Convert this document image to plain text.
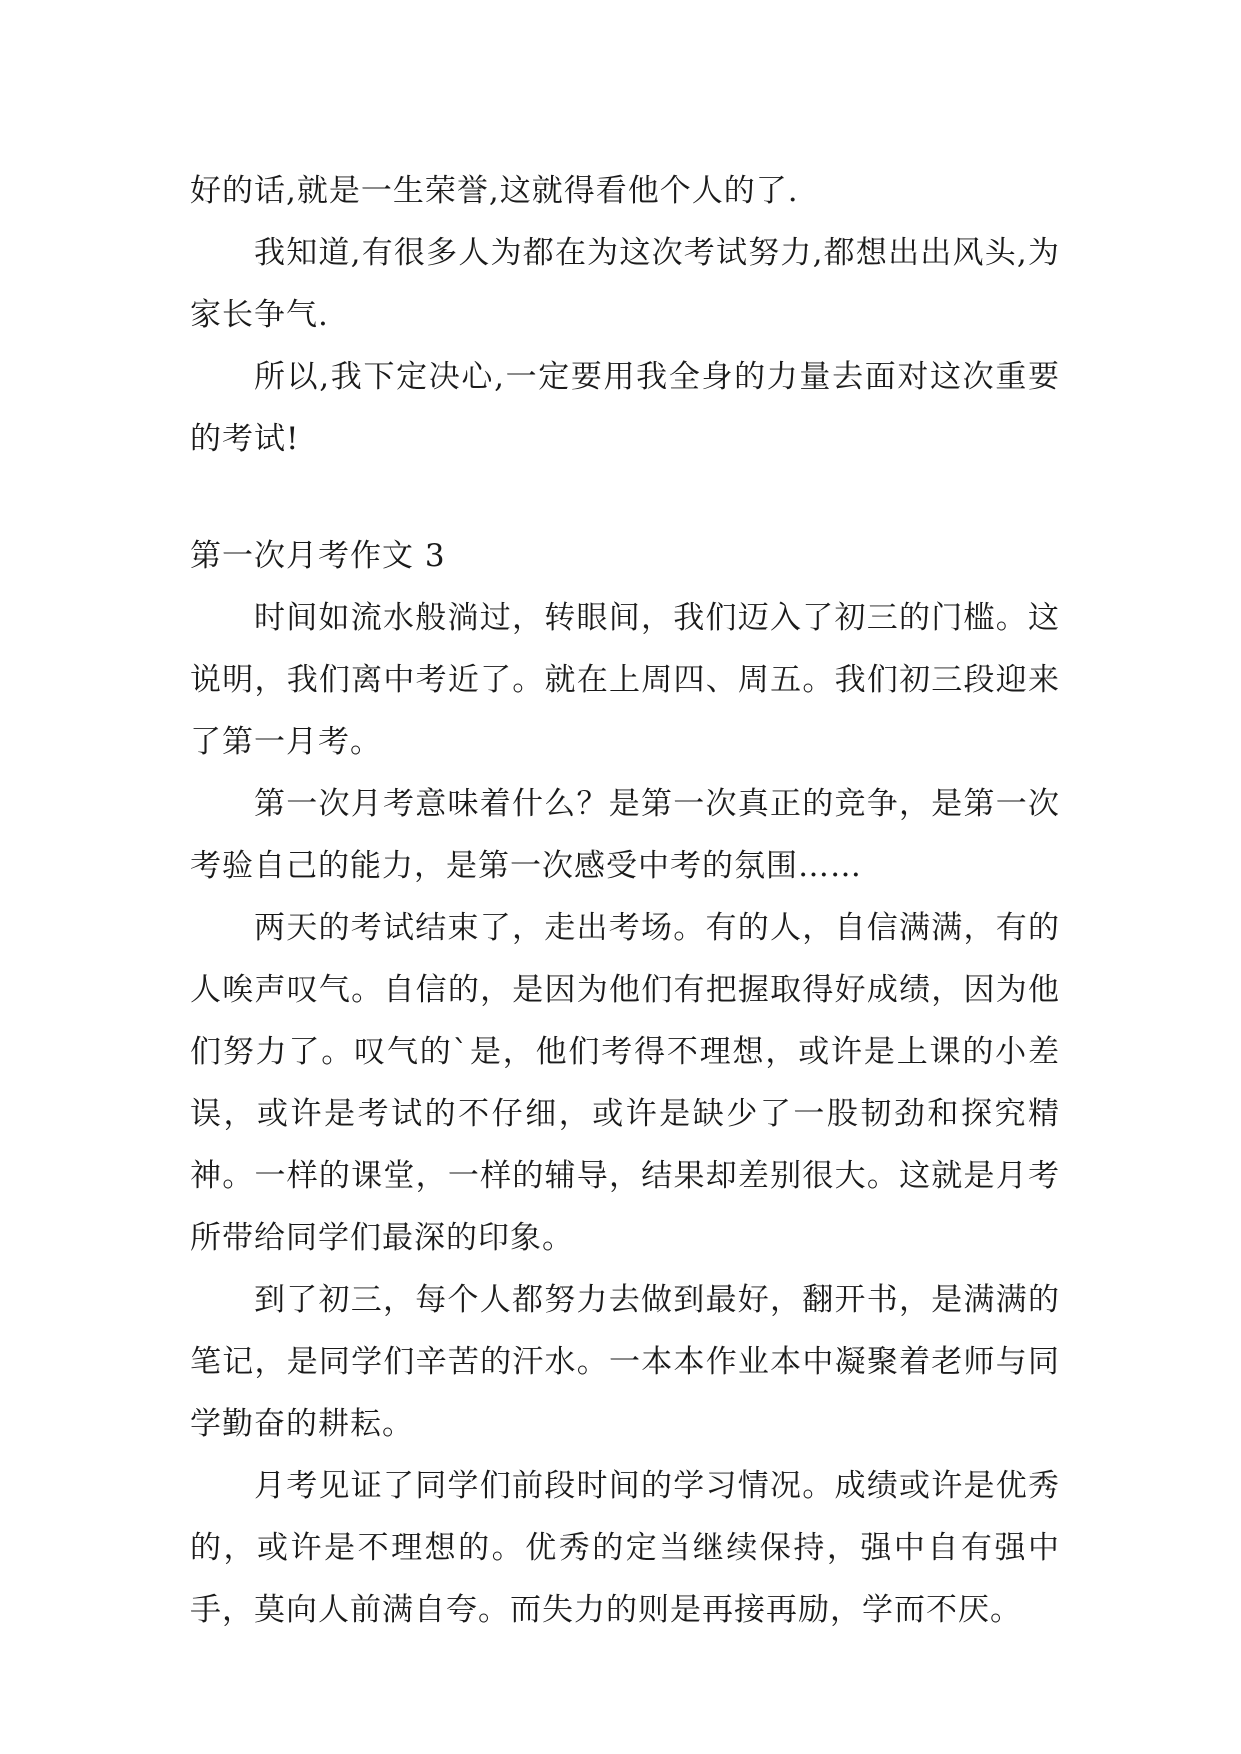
好的话,就是一生荣誉,这就得看他个人的了.

我知道,有很多人为都在为这次考试努力,都想出出风头,为家长争气.

所以,我下定决心,一定要用我全身的力量去面对这次重要的考试!

第一次月考作文 3

时间如流水般淌过，转眼间，我们迈入了初三的门槛。这说明，我们离中考近了。就在上周四、周五。我们初三段迎来了第一月考。

第一次月考意味着什么？是第一次真正的竞争，是第一次考验自己的能力，是第一次感受中考的氛围……

两天的考试结束了，走出考场。有的人，自信满满，有的人唉声叹气。自信的，是因为他们有把握取得好成绩，因为他们努力了。叹气的`是，他们考得不理想，或许是上课的小差误，或许是考试的不仔细，或许是缺少了一股韧劲和探究精神。一样的课堂，一样的辅导，结果却差别很大。这就是月考所带给同学们最深的印象。

到了初三，每个人都努力去做到最好，翻开书，是满满的笔记，是同学们辛苦的汗水。一本本作业本中凝聚着老师与同学勤奋的耕耘。

月考见证了同学们前段时间的学习情况。成绩或许是优秀的，或许是不理想的。优秀的定当继续保持，强中自有强中手，莫向人前满自夸。而失力的则是再接再励，学而不厌。
